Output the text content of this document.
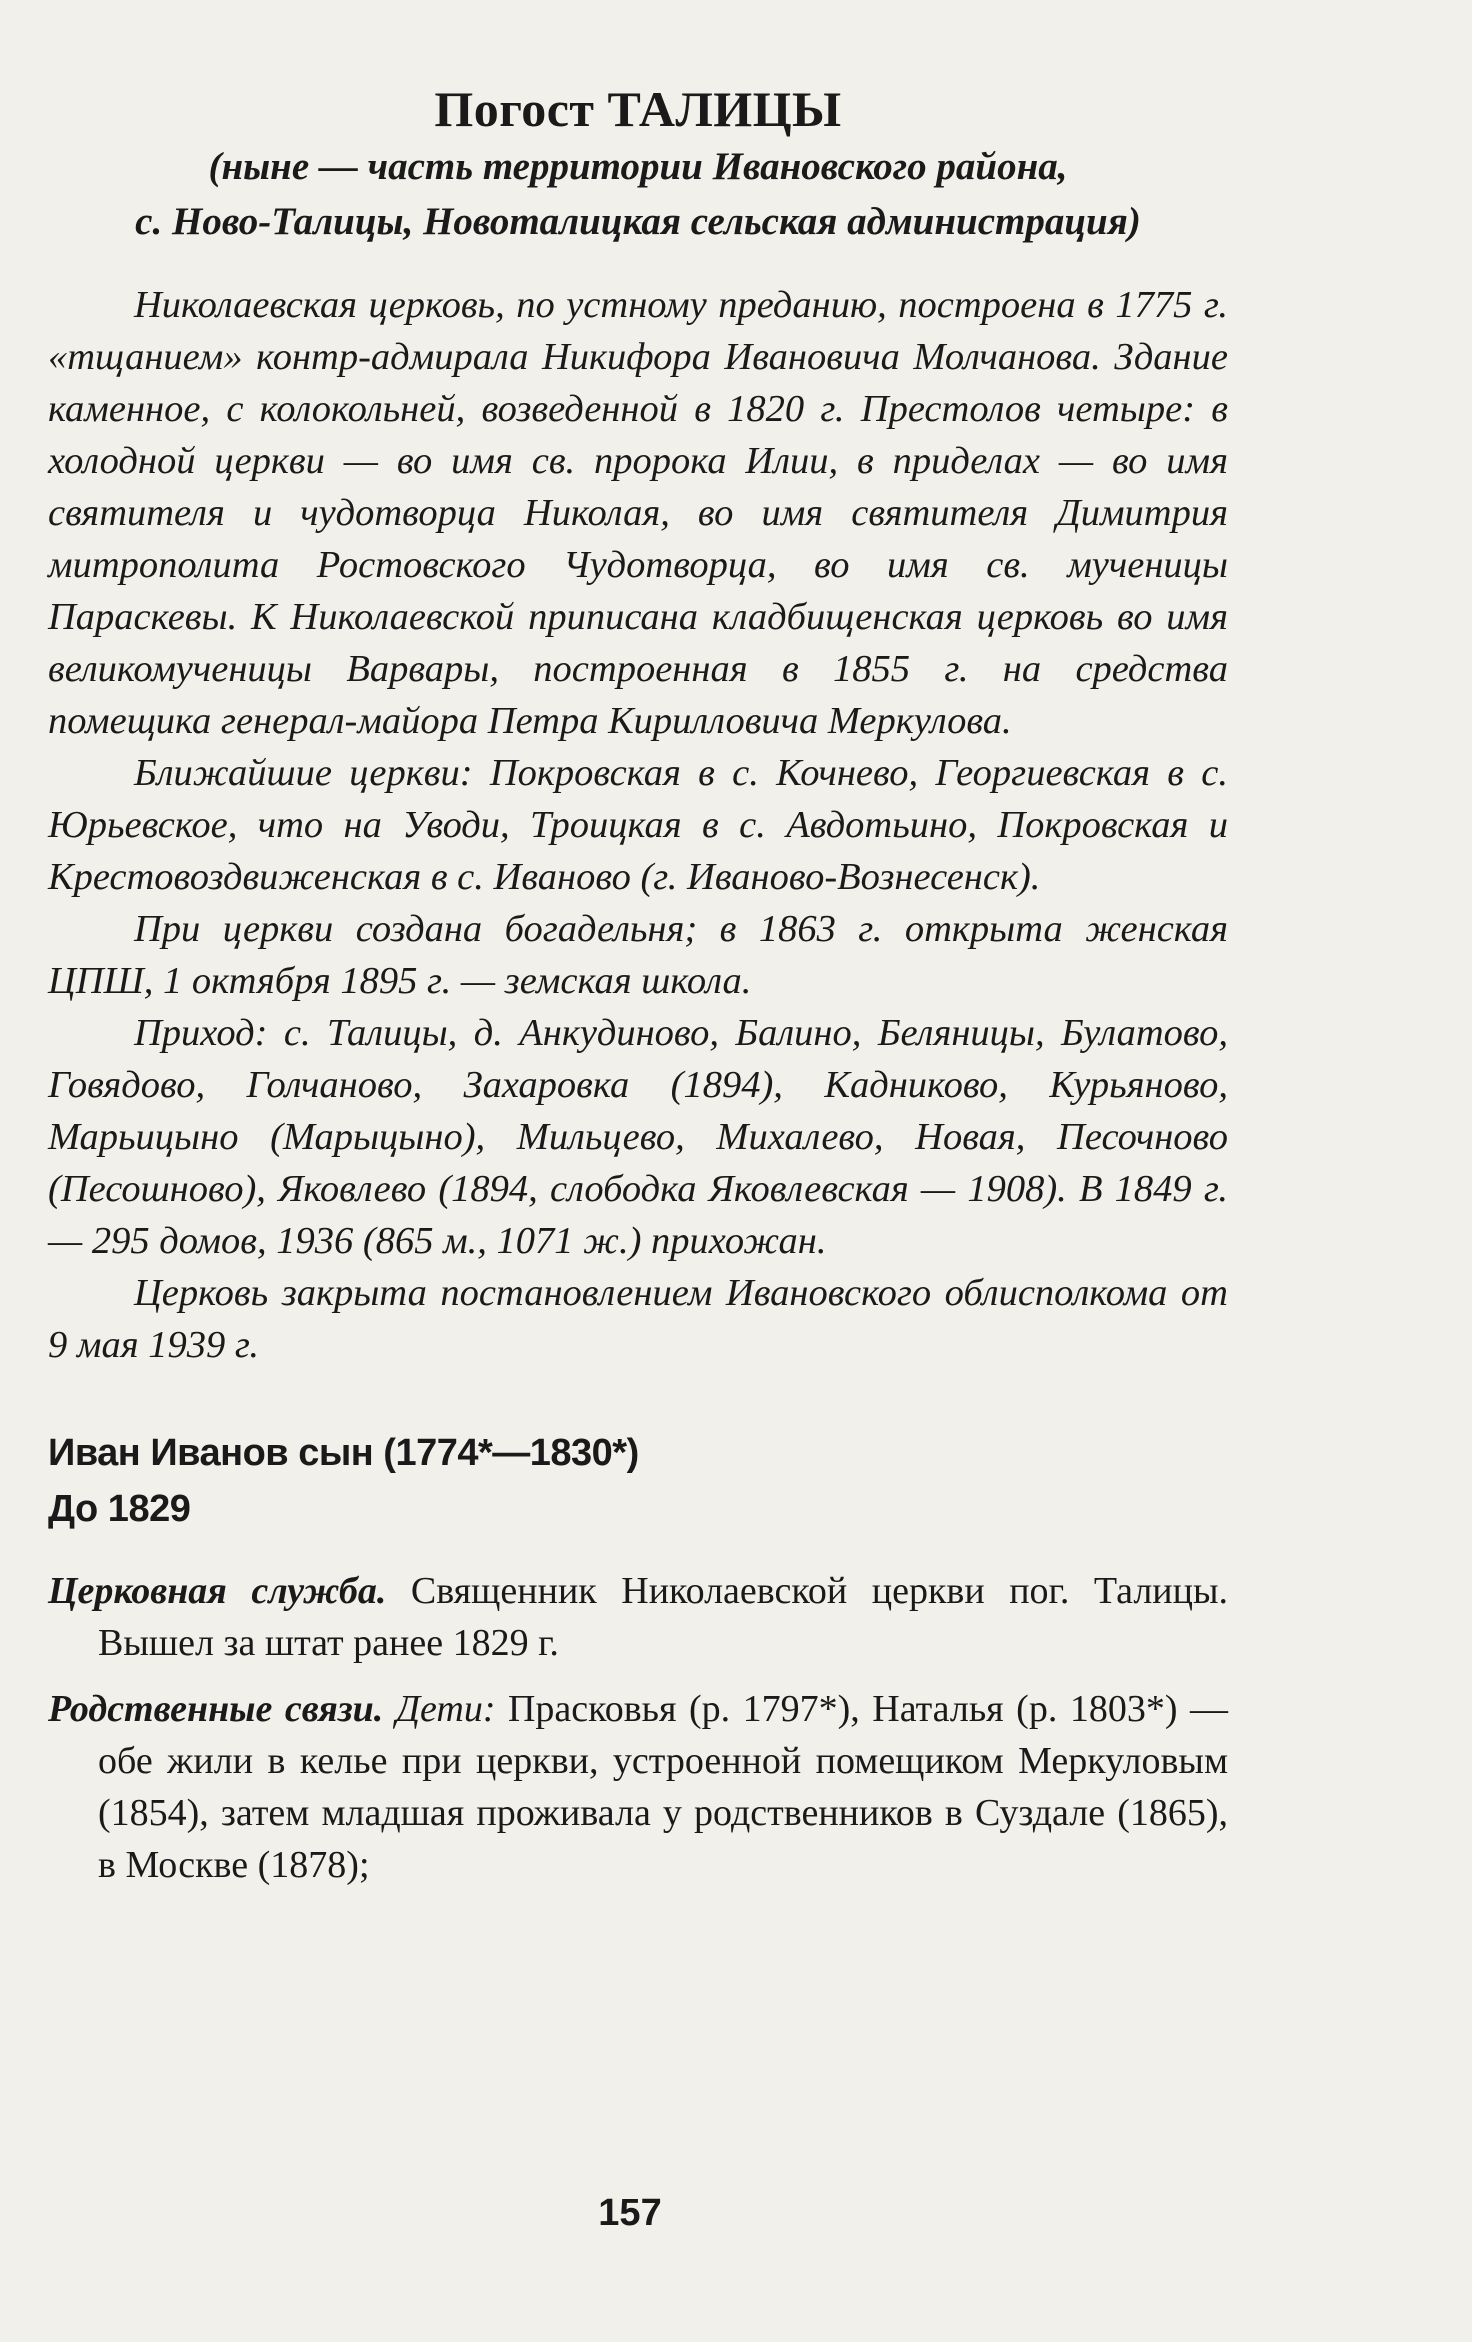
Погост ТАЛИЦЫ
(ныне — часть территории Ивановского района,
с. Ново-Талицы, Новоталицкая сельская администрация)

Николаевская церковь, по устному преданию, построена в 1775 г. «тщанием» контр-адмирала Никифора Ивановича Молчанова. Здание каменное, с колокольней, возведенной в 1820 г. Престолов четыре: в холодной церкви — во имя св. пророка Илии, в приделах — во имя святителя и чудотворца Николая, во имя святителя Димитрия митрополита Ростовского Чудотворца, во имя св. мученицы Параскевы. К Николаевской приписана кладбищенская церковь во имя великомученицы Варвары, построенная в 1855 г. на средства помещика генерал-майора Петра Кирилловича Меркулова.

Ближайшие церкви: Покровская в с. Кочнево, Георгиевская в с. Юрьевское, что на Уводи, Троицкая в с. Авдотьино, Покровская и Крестовоздвиженская в с. Иваново (г. Иваново-Вознесенск).

При церкви создана богадельня; в 1863 г. открыта женская ЦПШ, 1 октября 1895 г. — земская школа.

Приход: с. Талицы, д. Анкудиново, Балино, Беляницы, Булатово, Говядово, Голчаново, Захаровка (1894), Кадниково, Курьяново, Марьицыно (Марыцыно), Мильцево, Михалево, Новая, Песочново (Песошново), Яковлево (1894, слободка Яковлевская — 1908). В 1849 г. — 295 домов, 1936 (865 м., 1071 ж.) прихожан.

Церковь закрыта постановлением Ивановского облисполкома от 9 мая 1939 г.

Иван Иванов сын (1774*—1830*)
До 1829

Церковная служба. Священник Николаевской церкви пог. Талицы. Вышел за штат ранее 1829 г.

Родственные связи. Дети: Прасковья (р. 1797*), Наталья (р. 1803*) — обе жили в келье при церкви, устроенной помещиком Меркуловым (1854), затем младшая проживала у родственников в Суздале (1865), в Москве (1878);

157
